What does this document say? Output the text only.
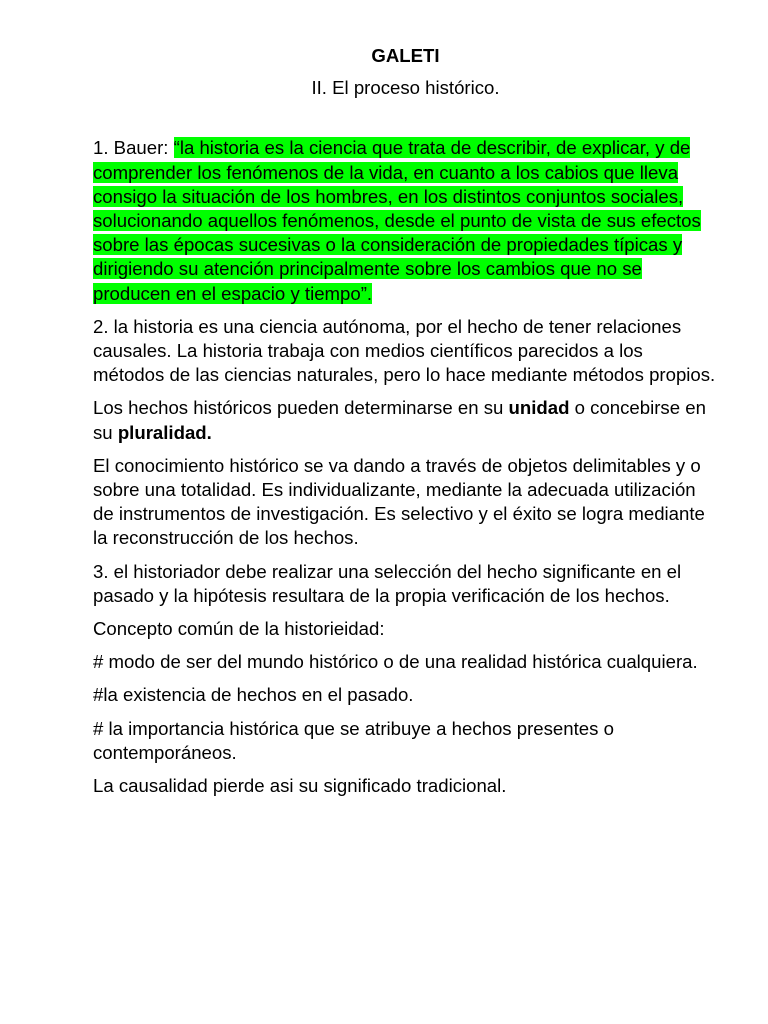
GALETI
II. El proceso histórico.

1. Bauer: “la historia es la ciencia que trata de describir, de explicar, y de comprender los fenómenos de la vida, en cuanto a los cabios que lleva consigo la situación de los hombres, en los distintos conjuntos sociales, solucionando aquellos fenómenos, desde el punto de vista de sus efectos sobre las épocas sucesivas o la consideración de propiedades típicas y dirigiendo su atención principalmente sobre los cambios que no se producen en el espacio y tiempo”.

2. la historia es una ciencia autónoma, por el hecho de tener relaciones causales. La historia trabaja con medios científicos parecidos a los métodos de las ciencias naturales, pero lo hace mediante métodos propios.

Los hechos históricos pueden determinarse en su unidad o concebirse en su pluralidad.

El conocimiento histórico se va dando a través de objetos delimitables y o sobre una totalidad. Es individualizante, mediante la adecuada utilización de instrumentos de investigación. Es selectivo y el éxito se logra mediante la reconstrucción de los hechos.

3. el historiador debe realizar una selección del hecho significante en el pasado y la hipótesis resultara de la propia verificación de los hechos.

Concepto común de la historieidad:

# modo de ser del mundo histórico o de una realidad histórica cualquiera.

#la existencia de hechos en el pasado.

# la importancia histórica que se atribuye a hechos presentes o contemporáneos.

La causalidad pierde asi su significado tradicional.
